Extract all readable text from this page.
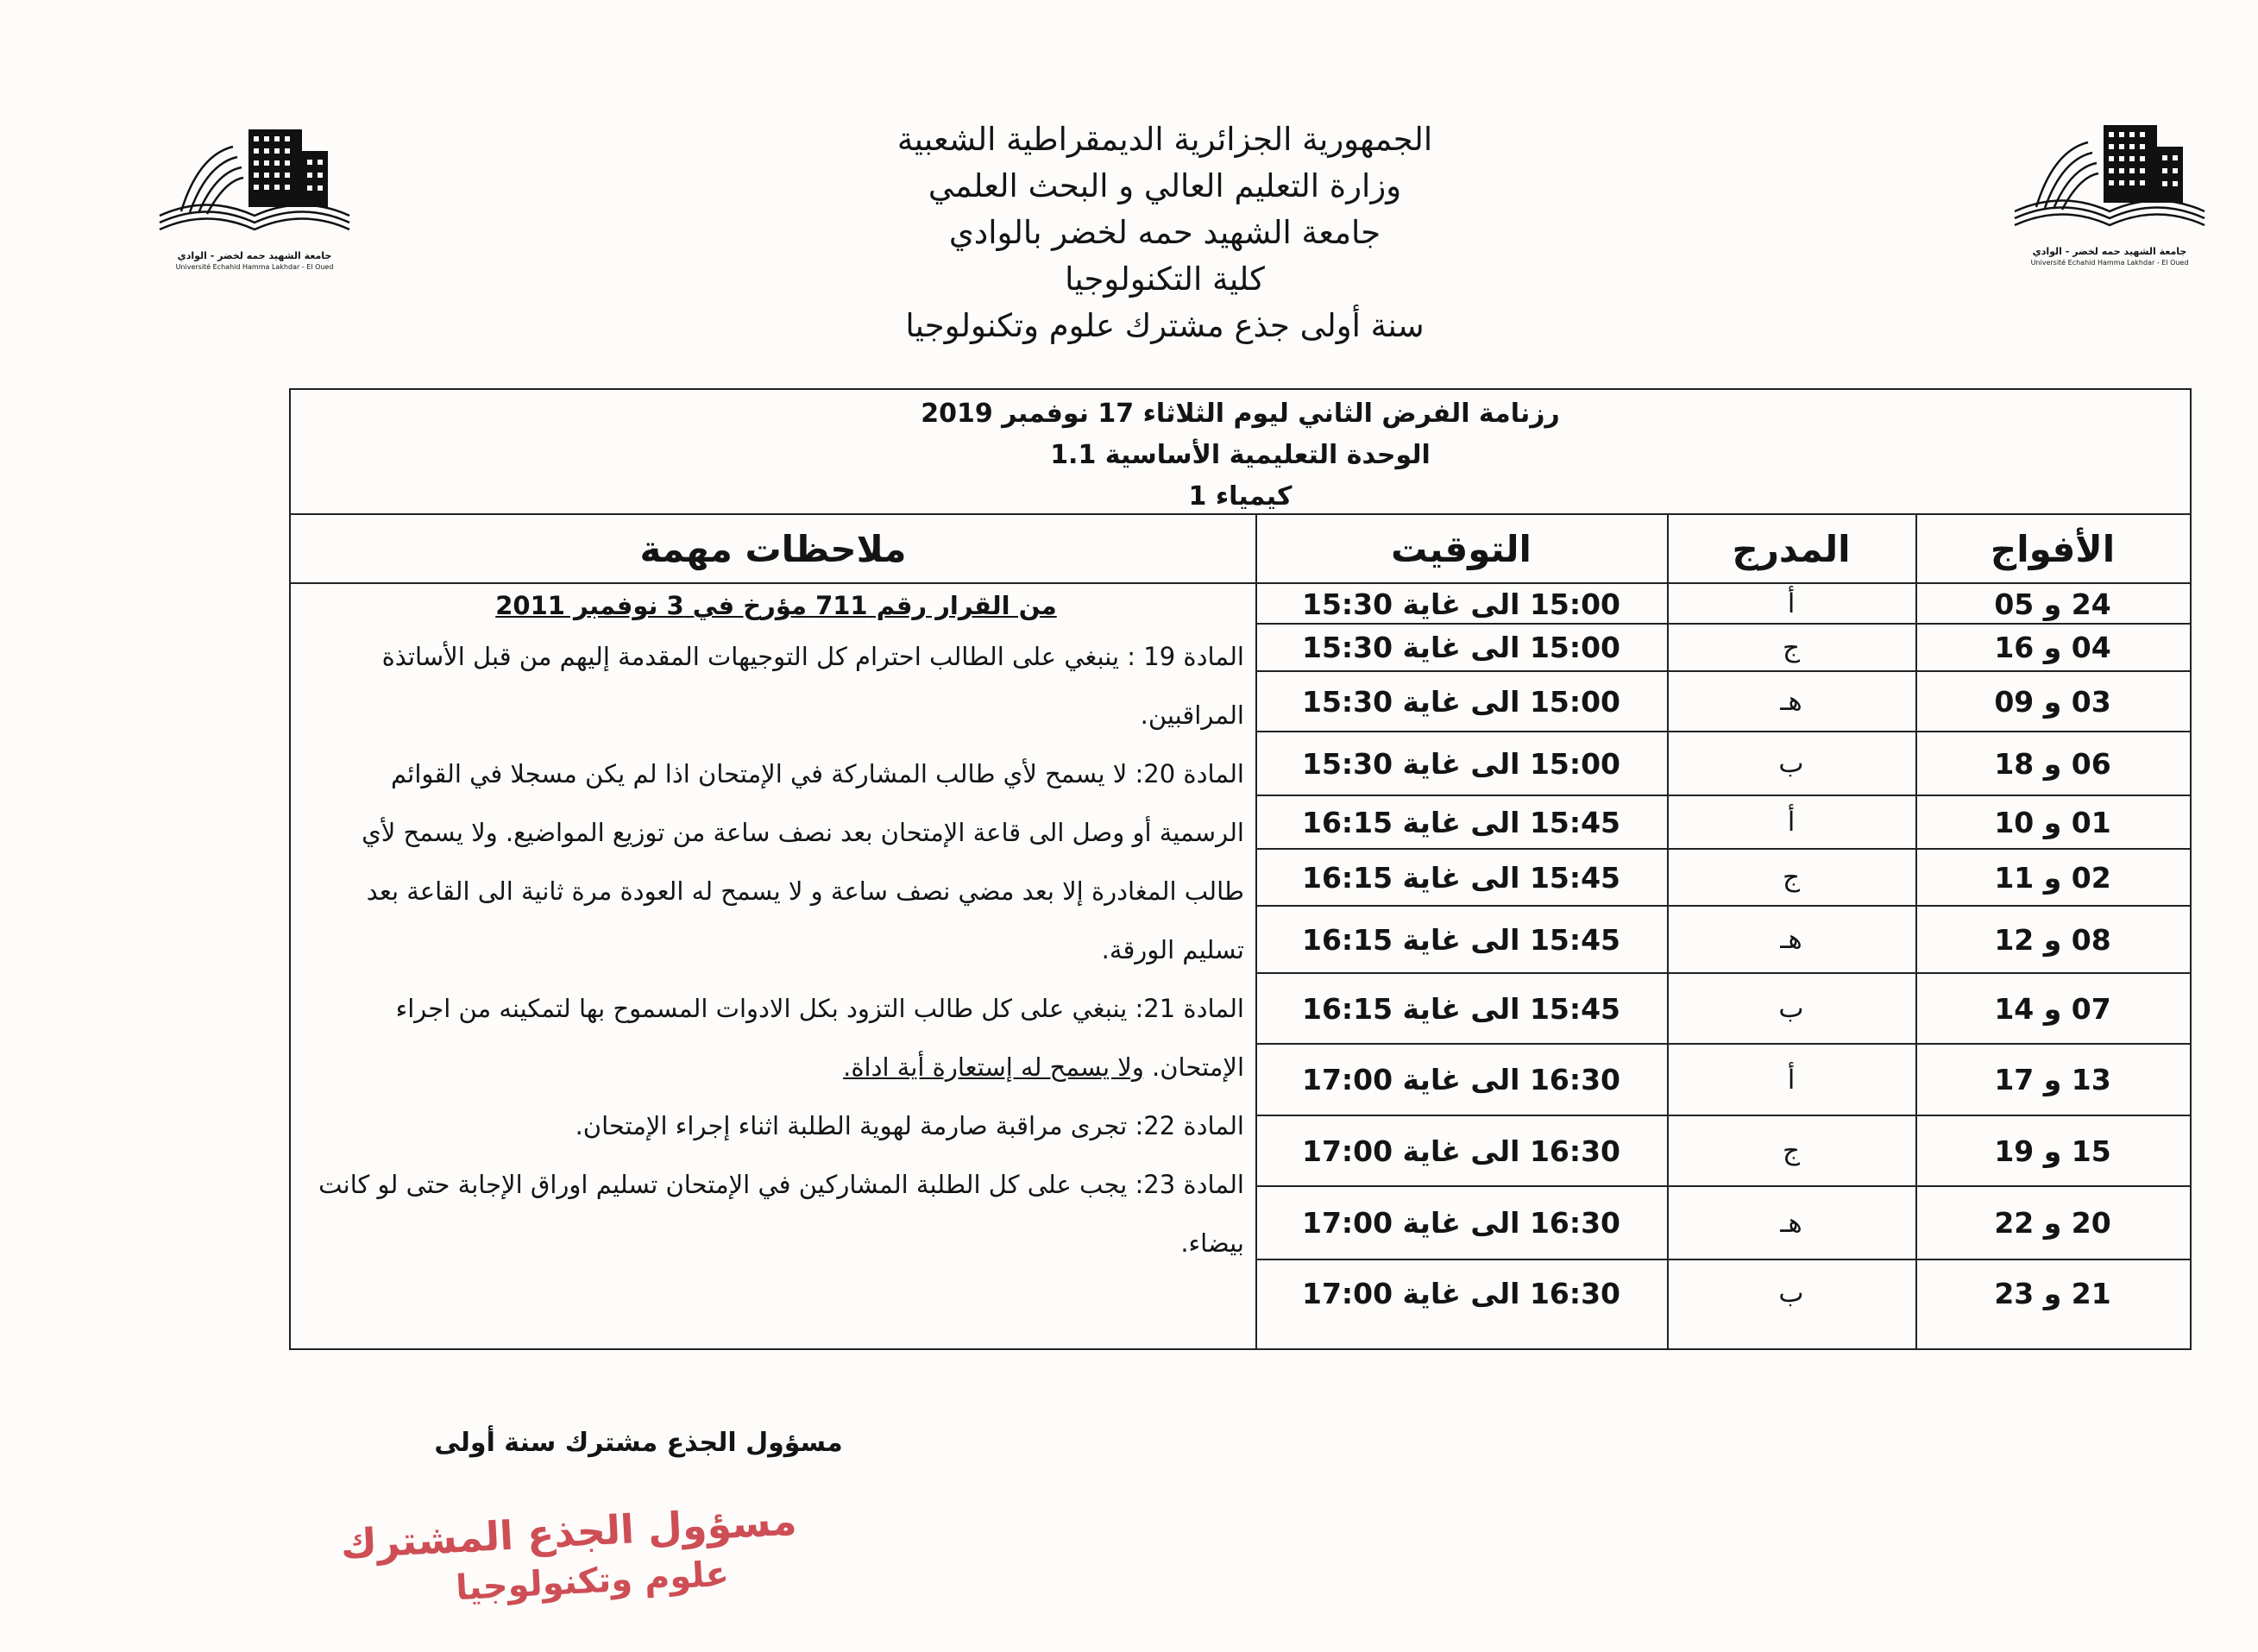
جامعة الشهيد حمه لخضر - الوادي
Université Echahid Hamma Lakhdar - El Oued
جامعة الشهيد حمه لخضر - الوادي
Université Echahid Hamma Lakhdar - El Oued
الجمهورية الجزائرية الديمقراطية الشعبية
وزارة التعليم العالي و البحث العلمي
جامعة الشهيد حمه لخضر بالوادي
كلية التكنولوجيا
سنة أولى جذع مشترك علوم وتكنولوجيا
رزنامة الفرض الثاني ليوم الثلاثاء 17 نوفمبر 2019
الوحدة التعليمية الأساسية 1.1
كيمياء 1
الأفواج
المدرج
التوقيت
ملاحظات مهمة
24 و 05
أ
15:00 الى غاية 15:30
04 و 16
ج
15:00 الى غاية 15:30
03 و 09
هـ
15:00 الى غاية 15:30
06 و 18
ب
15:00 الى غاية 15:30
01 و 10
أ
15:45 الى غاية 16:15
02 و 11
ج
15:45 الى غاية 16:15
08 و 12
هـ
15:45 الى غاية 16:15
07 و 14
ب
15:45 الى غاية 16:15
13 و 17
أ
16:30 الى غاية 17:00
15 و 19
ج
16:30 الى غاية 17:00
20 و 22
هـ
16:30 الى غاية 17:00
21 و 23
ب
16:30 الى غاية 17:00
من القرار رقم 711 مؤرخ في 3 نوفمبر 2011

المادة 19 : ينبغي على الطالب احترام كل التوجيهات المقدمة إليهم من قبل الأساتذة المراقبين.

المادة 20: لا يسمح لأي طالب المشاركة في الإمتحان اذا لم يكن مسجلا في القوائم الرسمية أو وصل الى قاعة الإمتحان بعد نصف ساعة من توزيع المواضيع. ولا يسمح لأي طالب المغادرة إلا بعد مضي نصف ساعة و لا يسمح له العودة مرة ثانية الى القاعة بعد تسليم الورقة.

المادة 21: ينبغي على كل طالب التزود بكل الادوات المسموح بها لتمكينه من اجراء الإمتحان. ولا يسمح له إستعارة أية اداة.

المادة 22: تجرى مراقبة صارمة لهوية الطلبة اثناء إجراء الإمتحان.

المادة 23: يجب على كل الطلبة المشاركين في الإمتحان تسليم اوراق الإجابة حتى لو كانت بيضاء.

مسؤول الجذع مشترك سنة أولى
مسؤول الجذع المشترك
علوم وتكنولوجيا
